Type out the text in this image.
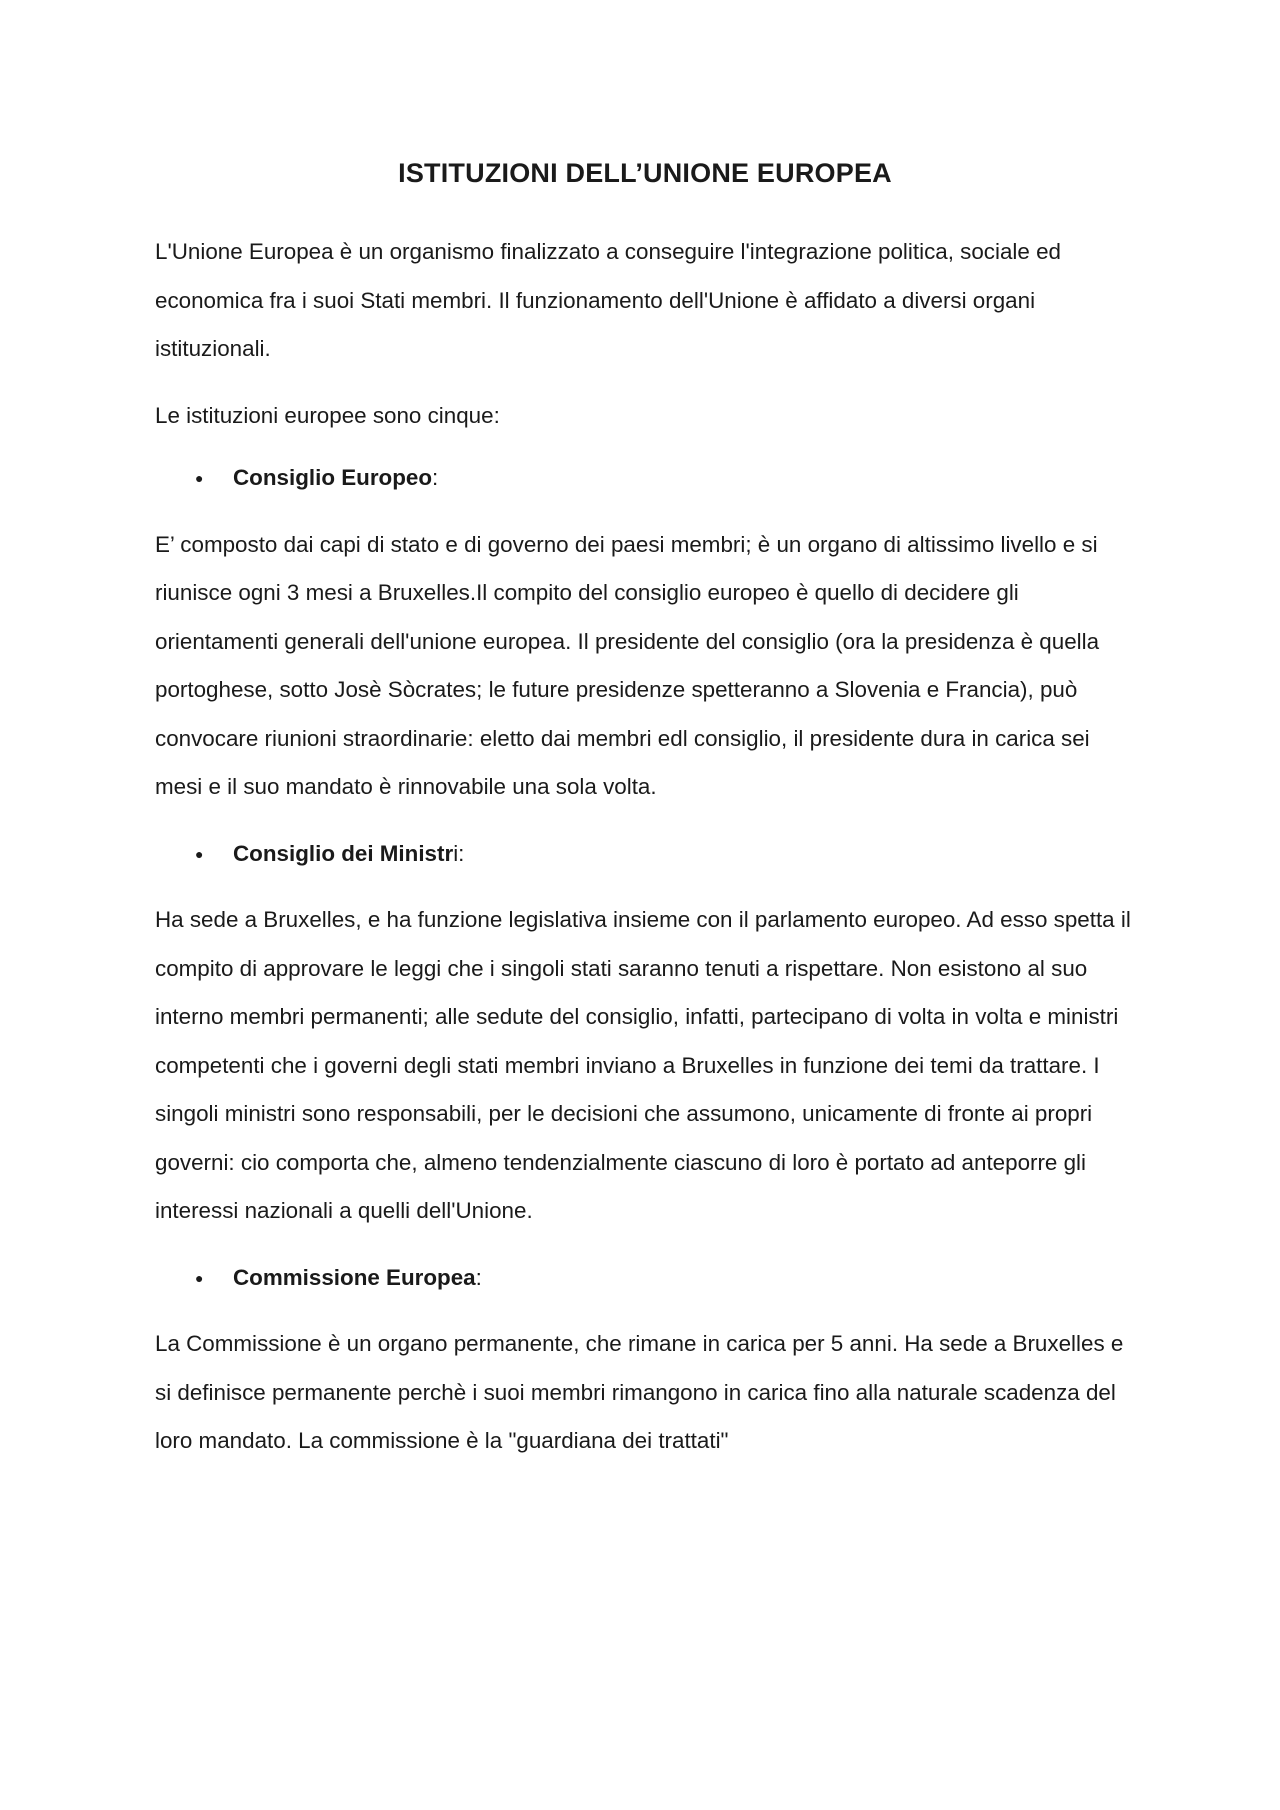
ISTITUZIONI DELL’UNIONE EUROPEA

L'Unione Europea è un organismo finalizzato a conseguire l'integrazione politica, sociale ed economica fra i suoi Stati membri. Il funzionamento dell'Unione è affidato a diversi organi istituzionali.

Le istituzioni europee sono cinque:

● Consiglio Europeo:

E’ composto dai capi di stato e di governo dei paesi membri; è un organo di altissimo livello e si riunisce ogni 3 mesi a Bruxelles.Il compito del consiglio europeo è quello di decidere gli orientamenti generali dell'unione europea. Il presidente del consiglio (ora la presidenza è quella portoghese, sotto Josè Sòcrates; le future presidenze spetteranno a Slovenia e Francia), può convocare riunioni straordinarie: eletto dai membri edl consiglio, il presidente dura in carica sei mesi e il suo mandato è rinnovabile una sola volta.

● Consiglio dei Ministri:

Ha sede a Bruxelles, e ha funzione legislativa insieme con il parlamento europeo. Ad esso spetta il compito di approvare le leggi che i singoli stati saranno tenuti a rispettare. Non esistono al suo interno membri permanenti; alle sedute del consiglio, infatti, partecipano di volta in volta e ministri competenti che i governi degli stati membri inviano a Bruxelles in funzione dei temi da trattare. I singoli ministri sono responsabili, per le decisioni che assumono, unicamente di fronte ai propri governi: cio comporta che, almeno tendenzialmente ciascuno di loro è portato ad anteporre gli interessi nazionali a quelli dell'Unione.

● Commissione Europea:

La Commissione è un organo permanente, che rimane in carica per 5 anni. Ha sede a Bruxelles e si definisce permanente perchè i suoi membri rimangono in carica fino alla naturale scadenza del loro mandato. La commissione è la "guardiana dei trattati"
